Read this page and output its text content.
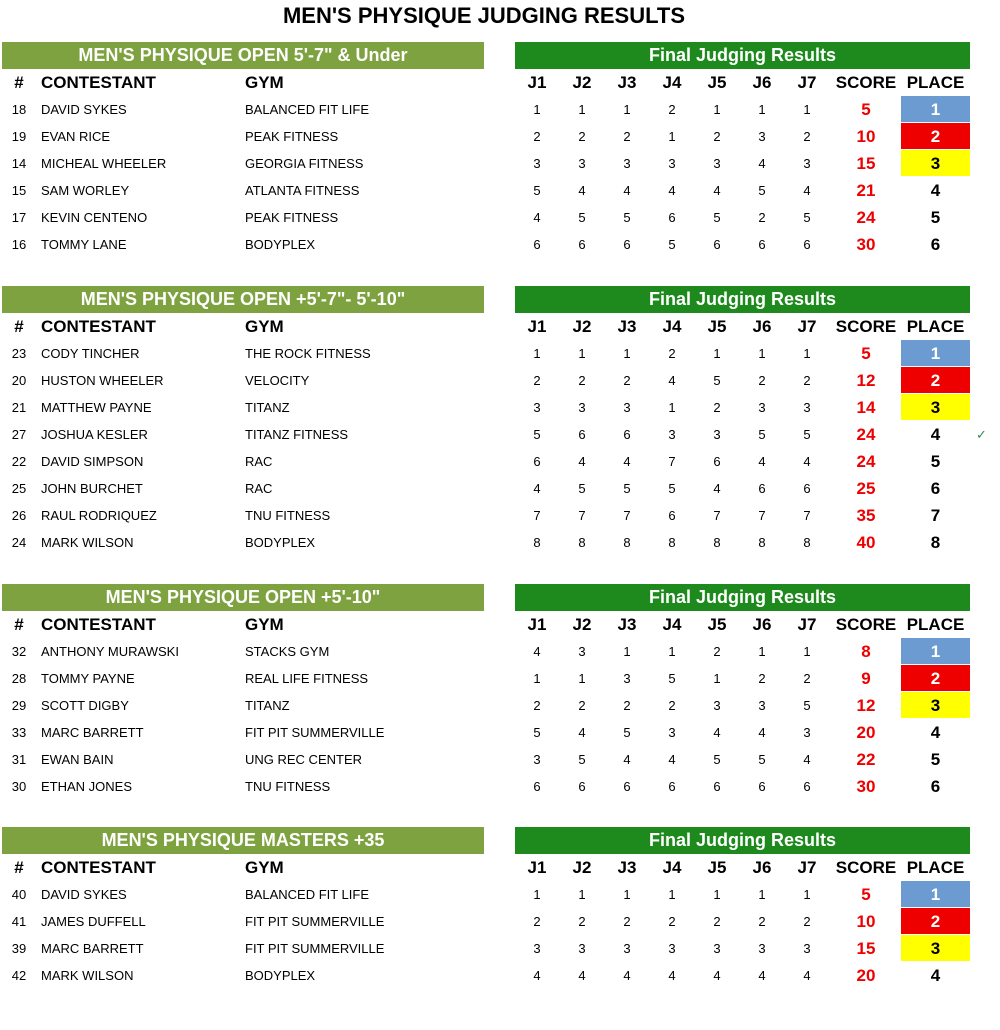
MEN'S PHYSIQUE JUDGING RESULTS
MEN'S PHYSIQUE OPEN 5'-7" & Under	Final Judging Results
#	CONTESTANT	GYM	J1	J2	J3	J4	J5	J6	J7	SCORE PLACE
18	DAVID SYKES	BALANCED FIT LIFE	1	1	1	2	1	1	1	5	1
19	EVAN RICE	PEAK FITNESS	2	2	2	1	2	3	2	10	2
14	MICHEAL WHEELER	GEORGIA FITNESS	3	3	3	3	3	4	3	15	3
15	SAM WORLEY	ATLANTA FITNESS	5	4	4	4	4	5	4	21	4
17	KEVIN CENTENO	PEAK FITNESS	4	5	5	6	5	2	5	24	5
16	TOMMY LANE	BODYPLEX	6	6	6	5	6	6	6	30	6
MEN'S PHYSIQUE OPEN +5'-7"- 5'-10"	Final Judging Results
#	CONTESTANT	GYM	J1	J2	J3	J4	J5	J6	J7	SCORE PLACE
23	CODY TINCHER	THE ROCK FITNESS	1	1	1	2	1	1	1	5	1
20	HUSTON WHEELER	VELOCITY	2	2	2	4	5	2	2	12	2
21	MATTHEW PAYNE	TITANZ	3	3	3	1	2	3	3	14	3
27	JOSHUA KESLER	TITANZ FITNESS	5	6	6	3	3	5	5	24	4	✓
22	DAVID SIMPSON	RAC	6	4	4	7	6	4	4	24	5
25	JOHN BURCHET	RAC	4	5	5	5	4	6	6	25	6
26	RAUL RODRIQUEZ	TNU FITNESS	7	7	7	6	7	7	7	35	7
24	MARK WILSON	BODYPLEX	8	8	8	8	8	8	8	40	8
MEN'S PHYSIQUE OPEN +5'-10"	Final Judging Results
#	CONTESTANT	GYM	J1	J2	J3	J4	J5	J6	J7	SCORE PLACE
32	ANTHONY MURAWSKI	STACKS GYM	4	3	1	1	2	1	1	8	1
28	TOMMY PAYNE	REAL LIFE FITNESS	1	1	3	5	1	2	2	9	2
29	SCOTT DIGBY	TITANZ	2	2	2	2	3	3	5	12	3
33	MARC BARRETT	FIT PIT SUMMERVILLE	5	4	5	3	4	4	3	20	4
31	EWAN BAIN	UNG REC CENTER	3	5	4	4	5	5	4	22	5
30	ETHAN JONES	TNU FITNESS	6	6	6	6	6	6	6	30	6
MEN'S PHYSIQUE MASTERS +35	Final Judging Results
#	CONTESTANT	GYM	J1	J2	J3	J4	J5	J6	J7	SCORE PLACE
40	DAVID SYKES	BALANCED FIT LIFE	1	1	1	1	1	1	1	5	1
41	JAMES DUFFELL	FIT PIT SUMMERVILLE	2	2	2	2	2	2	2	10	2
39	MARC BARRETT	FIT PIT SUMMERVILLE	3	3	3	3	3	3	3	15	3
42	MARK WILSON	BODYPLEX	4	4	4	4	4	4	4	20	4
